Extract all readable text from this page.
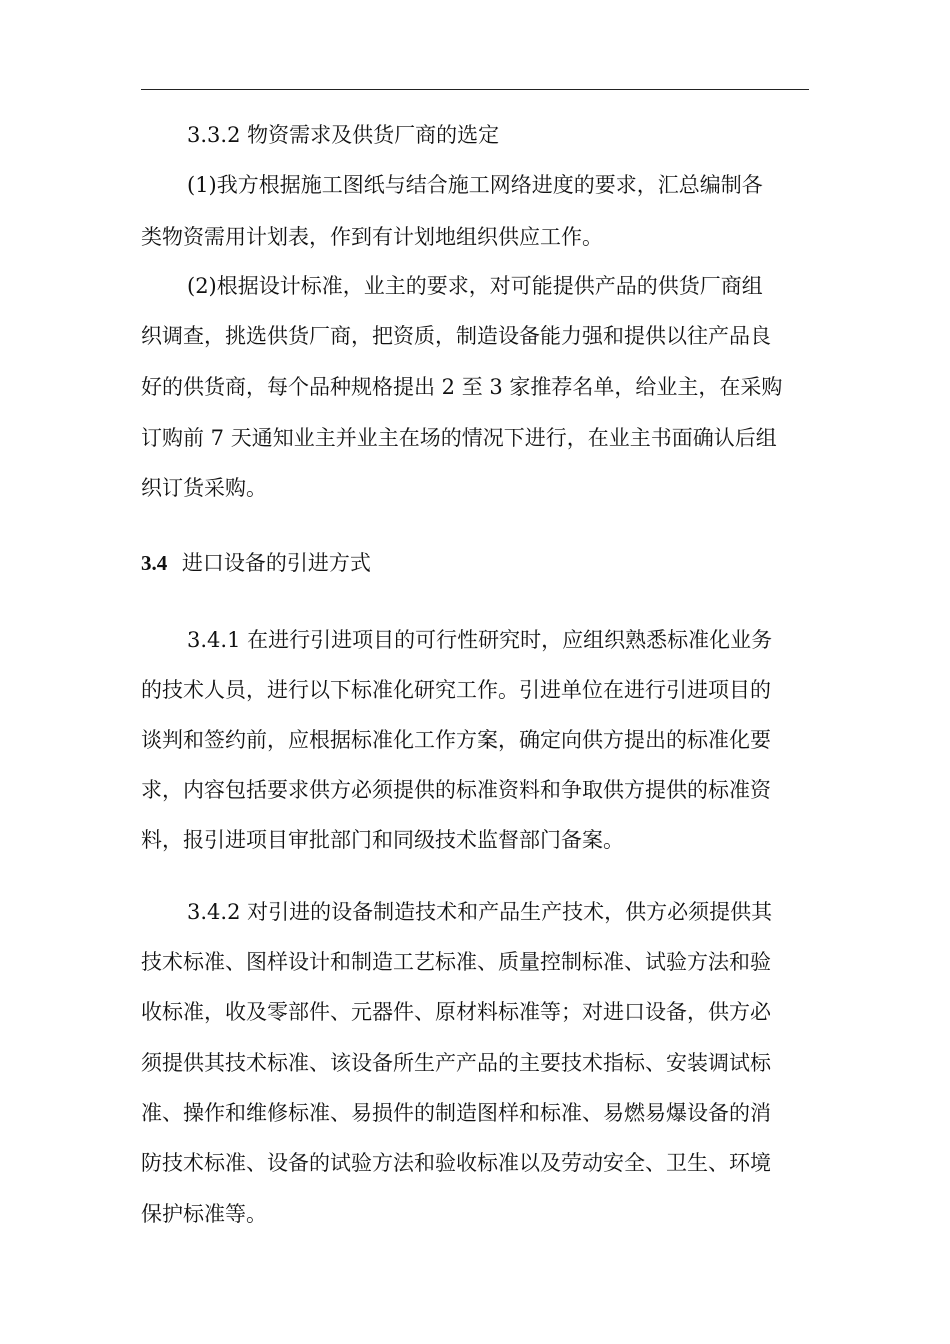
3.3.2 物资需求及供货厂商的选定
(1)我方根据施工图纸与结合施工网络进度的要求，汇总编制各
类物资需用计划表，作到有计划地组织供应工作。
(2)根据设计标准，业主的要求，对可能提供产品的供货厂商组
织调查，挑选供货厂商，把资质，制造设备能力强和提供以往产品良
好的供货商，每个品种规格提出 2 至 3 家推荐名单，给业主，在采购
订购前 7 天通知业主并业主在场的情况下进行，在业主书面确认后组
织订货采购。
3.4 进口设备的引进方式
3.4.1 在进行引进项目的可行性研究时，应组织熟悉标准化业务
的技术人员，进行以下标准化研究工作。引进单位在进行引进项目的
谈判和签约前，应根据标准化工作方案，确定向供方提出的标准化要
求，内容包括要求供方必须提供的标准资料和争取供方提供的标准资
料，报引进项目审批部门和同级技术监督部门备案。
3.4.2 对引进的设备制造技术和产品生产技术，供方必须提供其
技术标准、图样设计和制造工艺标准、质量控制标准、试验方法和验
收标准，收及零部件、元器件、原材料标准等；对进口设备，供方必
须提供其技术标准、该设备所生产产品的主要技术指标、安装调试标
准、操作和维修标准、易损件的制造图样和标准、易燃易爆设备的消
防技术标准、设备的试验方法和验收标准以及劳动安全、卫生、环境
保护标准等。
